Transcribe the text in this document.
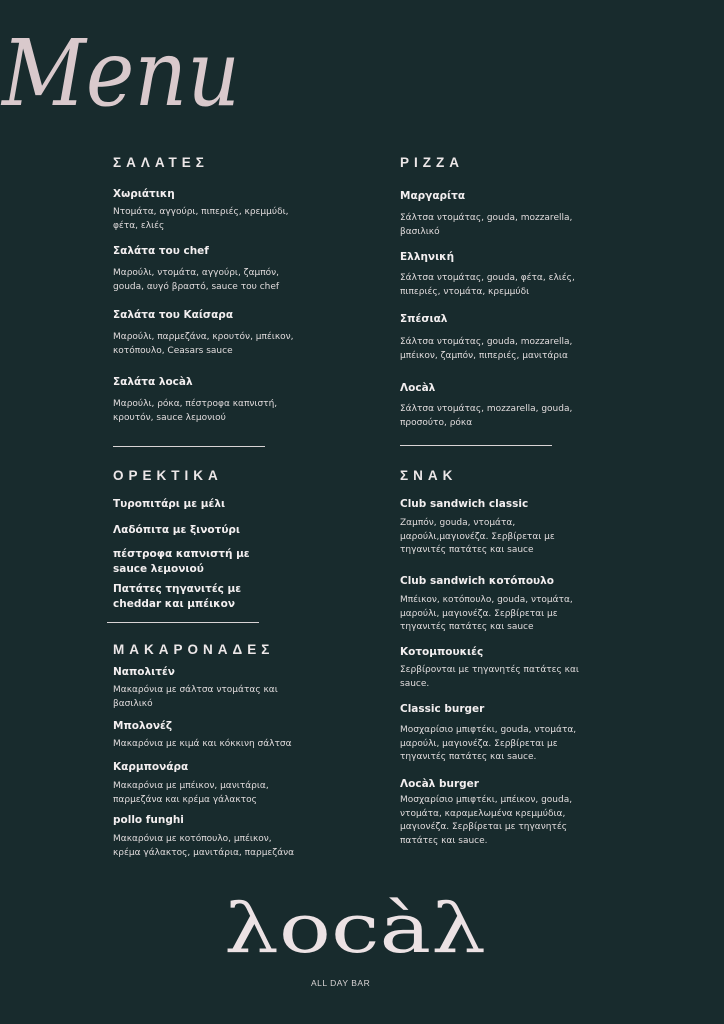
Menu
ΣΑΛΑΤΕΣ
Χωριάτικη
Ντομάτα, αγγούρι, πιπεριές, κρεμμύδι,
φέτα, ελιές
Σαλάτα του chef
Μαρούλι, ντομάτα, αγγούρι, ζαμπόν,
gouda, αυγό βραστό, sauce του chef
Σαλάτα του Καίσαρα
Μαρούλι, παρμεζάνα, κρουτόν, μπέικον,
κοτόπουλο, Ceasars sauce
Σαλάτα λοcàλ
Μαρούλι, ρόκα, πέστροφα καπνιστή,
κρουτόν, sauce λεμονιού
ΟΡΕΚΤΙΚΑ
Τυροπιτάρι με μέλι
Λαδόπιτα με ξινοτύρι
πέστροφα καπνιστή με
sauce λεμονιού
Πατάτες τηγανιτές με
cheddar και μπέικον
ΜΑΚΑΡΟΝΑΔΕΣ
Ναπολιτέν
Μακαρόνια με σάλτσα ντομάτας και
βασιλικό
Μπολονέζ
Μακαρόνια με κιμά και κόκκινη σάλτσα
Καρμπονάρα
Μακαρόνια με μπέικον, μανιτάρια,
παρμεζάνα και κρέμα γάλακτος
pollo funghi
Μακαρόνια με κοτόπουλο, μπέικον,
κρέμα γάλακτος, μανιτάρια, παρμεζάνα
PIZZA
Μαργαρίτα
Σάλτσα ντομάτας, gouda, mozzarella,
βασιλικό
Ελληνική
Σάλτσα ντομάτας, gouda, φέτα, ελιές,
πιπεριές, ντομάτα, κρεμμύδι
Σπέσιαλ
Σάλτσα ντομάτας, gouda, mozzarella,
μπέικον, ζαμπόν, πιπεριές, μανιτάρια
Λοcàλ
Σάλτσα ντομάτας, mozzarella, gouda,
προσούτο, ρόκα
ΣΝΑΚ
Club sandwich classic
Ζαμπόν, gouda, ντομάτα,
μαρούλι,μαγιονέζα. Σερβίρεται με
τηγανιτές πατάτες και sauce
Club sandwich κοτόπουλο
Μπέικον, κοτόπουλο, gouda, ντομάτα,
μαρούλι, μαγιονέζα. Σερβίρεται με
τηγανιτές πατάτες και sauce
Κοτομπουκιές
Σερβίρονται με τηγανητές πατάτες και
sauce.
Classic burger
Μοσχαρίσιο μπιφτέκι, gouda, ντομάτα,
μαρούλι, μαγιονέζα. Σερβίρεται με
τηγανιτές πατάτες και sauce.
Λοcàλ burger
Μοσχαρίσιο μπιφτέκι, μπέικον, gouda,
ντομάτα, καραμελωμένα κρεμμύδια,
μαγιονέζα. Σερβίρεται με τηγανητές
πατάτες και sauce.
λοcàλ
ALL DAY BAR
